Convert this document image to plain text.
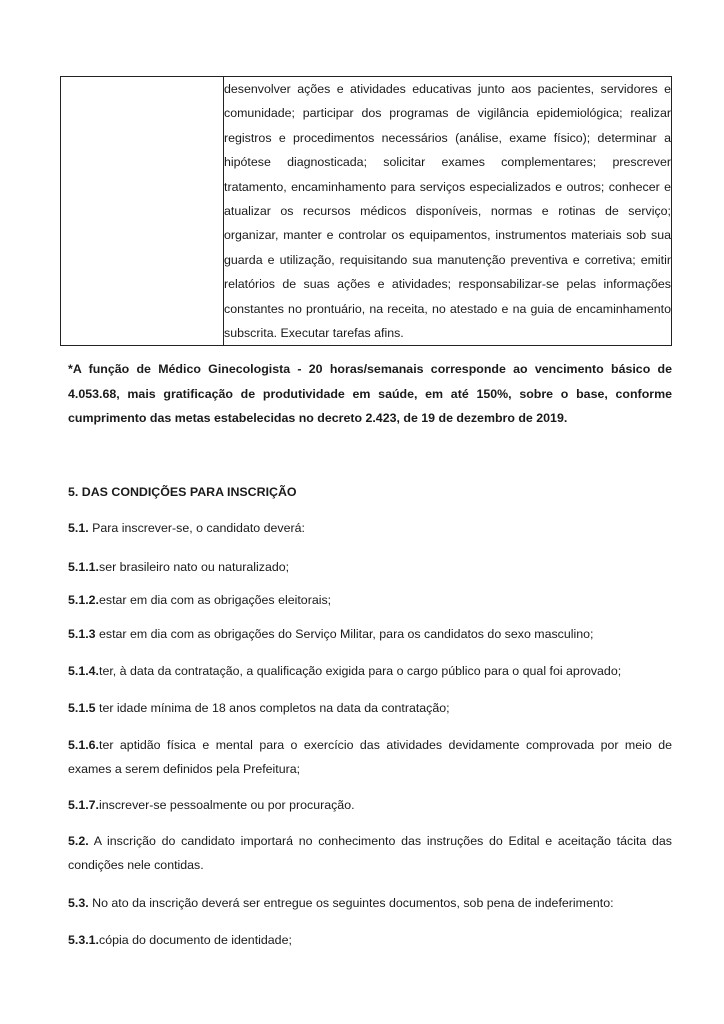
desenvolver ações e atividades educativas junto aos pacientes, servidores e comunidade; participar dos programas de vigilância epidemiológica; realizar registros e procedimentos necessários (análise, exame físico); determinar a hipótese diagnosticada; solicitar exames complementares; prescrever tratamento, encaminhamento para serviços especializados e outros; conhecer e atualizar os recursos médicos disponíveis, normas e rotinas de serviço; organizar, manter e controlar os equipamentos, instrumentos materiais sob sua guarda e utilização, requisitando sua manutenção preventiva e corretiva; emitir relatórios de suas ações e atividades; responsabilizar-se pelas informações constantes no prontuário, na receita, no atestado e na guia de encaminhamento subscrita. Executar tarefas afins.

*A função de Médico Ginecologista - 20 horas/semanais corresponde ao vencimento básico de 4.053.68, mais gratificação de produtividade em saúde, em até 150%, sobre o base, conforme cumprimento das metas estabelecidas no decreto 2.423, de 19 de dezembro de 2019.

5. DAS CONDIÇÕES PARA INSCRIÇÃO

5.1. Para inscrever-se, o candidato deverá:

5.1.1.ser brasileiro nato ou naturalizado;

5.1.2.estar em dia com as obrigações eleitorais;

5.1.3 estar em dia com as obrigações do Serviço Militar, para os candidatos do sexo masculino;

5.1.4.ter, à data da contratação, a qualificação exigida para o cargo público para o qual foi aprovado;

5.1.5 ter idade mínima de 18 anos completos na data da contratação;

5.1.6.ter aptidão física e mental para o exercício das atividades devidamente comprovada por meio de exames a serem definidos pela Prefeitura;

5.1.7.inscrever-se pessoalmente ou por procuração.

5.2. A inscrição do candidato importará no conhecimento das instruções do Edital e aceitação tácita das condições nele contidas.

5.3. No ato da inscrição deverá ser entregue os seguintes documentos, sob pena de indeferimento:

5.3.1.cópia do documento de identidade;
